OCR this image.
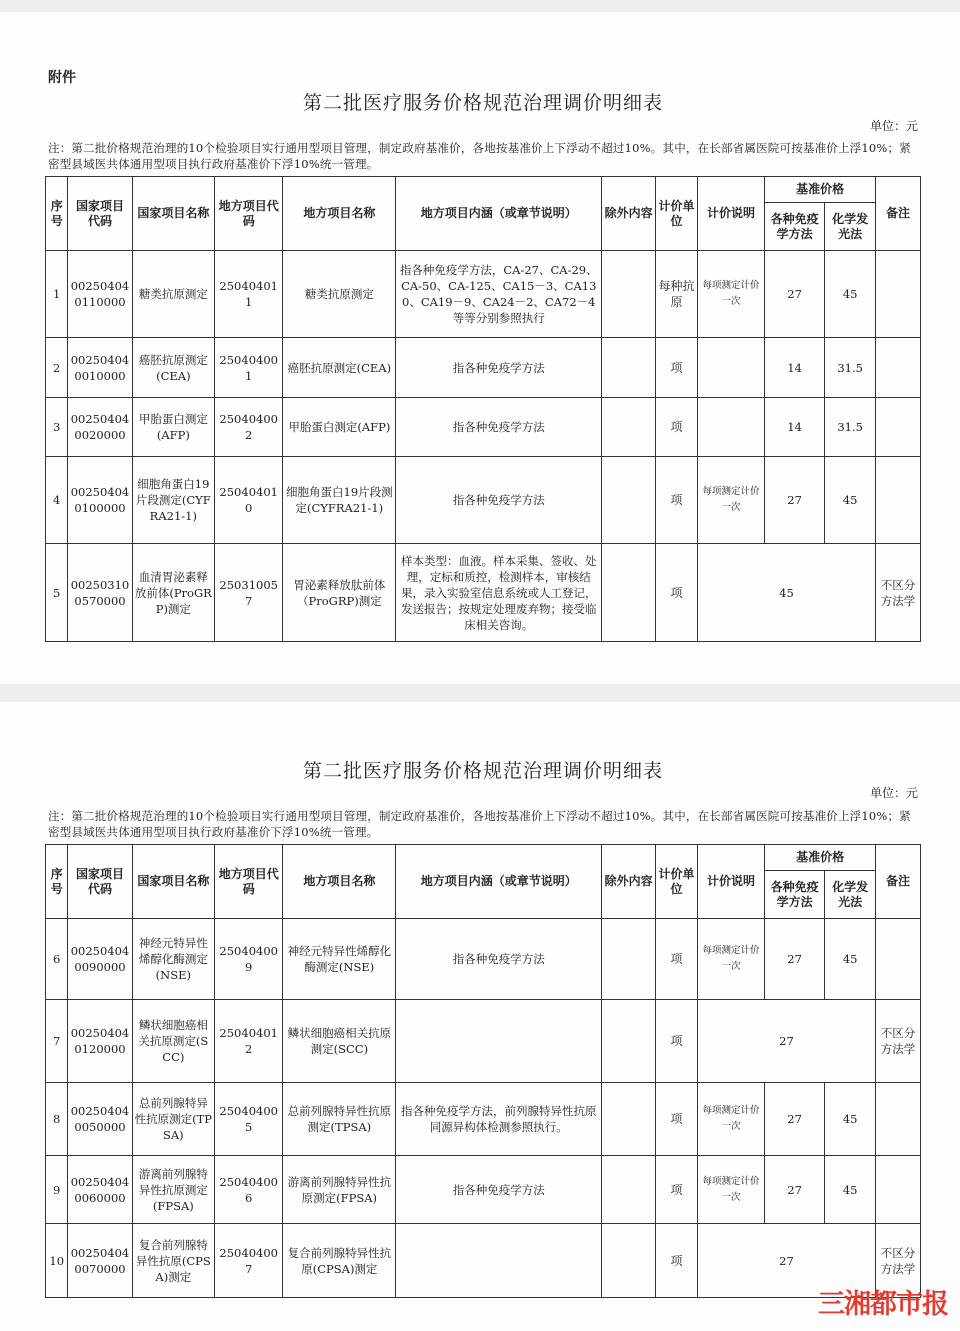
附件
第二批医疗服务价格规范治理调价明细表
单位：元
注：第二批价格规范治理的10个检验项目实行通用型项目管理，制定政府基准价，各地按基准价上下浮动不超过10%。其中，在长部省属医院可按基准价上浮10%；紧密型县域医共体通用型项目执行政府基准价下浮10%统一管理。
序号	国家项目代码	国家项目名称	地方项目代码	地方项目名称	地方项目内涵（或章节说明）	除外内容	计价单位	计价说明	基准价格		备注
									各种免疫学方法	化学发光法	
1	00250404 0110000	糖类抗原测定	250404011	糖类抗原测定	指各种免疫学方法，CA-27、CA-29、CA-50、CA-125、CA15－3、CA130、CA19－9、CA24－2、CA72－4等等分别参照执行		每种抗原	每项测定计价一次	27	45	
2	00250404 0010000	癌胚抗原测定(CEA)	250404001	癌胚抗原测定(CEA)	指各种免疫学方法		项		14	31.5	
3	00250404 0020000	甲胎蛋白测定(AFP)	250404002	甲胎蛋白测定(AFP)	指各种免疫学方法		项		14	31.5	
4	00250404 0100000	细胞角蛋白19片段测定(CYFRA21-1)	250404010	细胞角蛋白19片段测定(CYFRA21-1)	指各种免疫学方法		项	每项测定计价一次	27	45	
5	00250310 0570000	血清胃泌素释放前体(ProGRP)测定	250310057	胃泌素释放肽前体（ProGRP)测定	样本类型：血液。样本采集、签收、处理，定标和质控，检测样本，审核结果，录入实验室信息系统或人工登记，发送报告；按规定处理废弃物；接受临床相关咨询。		项	45			不区分方法学
第二批医疗服务价格规范治理调价明细表
单位：元
注：第二批价格规范治理的10个检验项目实行通用型项目管理，制定政府基准价，各地按基准价上下浮动不超过10%。其中，在长部省属医院可按基准价上浮10%；紧密型县域医共体通用型项目执行政府基准价下浮10%统一管理。
序号	国家项目代码	国家项目名称	地方项目代码	地方项目名称	地方项目内涵（或章节说明）	除外内容	计价单位	计价说明	基准价格		备注
									各种免疫学方法	化学发光法	
6	00250404 0090000	神经元特异性烯醇化酶测定(NSE)	250404009	神经元特异性烯醇化酶测定(NSE)	指各种免疫学方法		项	每项测定计价一次	27	45	
7	00250404 0120000	鳞状细胞癌相关抗原测定(SCC)	250404012	鳞状细胞癌相关抗原测定(SCC)			项	27			不区分方法学
8	00250404 0050000	总前列腺特异性抗原测定(TPSA)	250404005	总前列腺特异性抗原测定(TPSA)	指各种免疫学方法，前列腺特异性抗原同源异构体检测参照执行。		项	每项测定计价一次	27	45	
9	00250404 0060000	游离前列腺特异性抗原测定(FPSA)	250404006	游离前列腺特异性抗原测定(FPSA)	指各种免疫学方法		项	每项测定计价一次	27	45	
10	00250404 0070000	复合前列腺特异性抗原(CPSA)测定	250404007	复合前列腺特异性抗原(CPSA)测定			项	27			不区分方法学
三湘都市报
